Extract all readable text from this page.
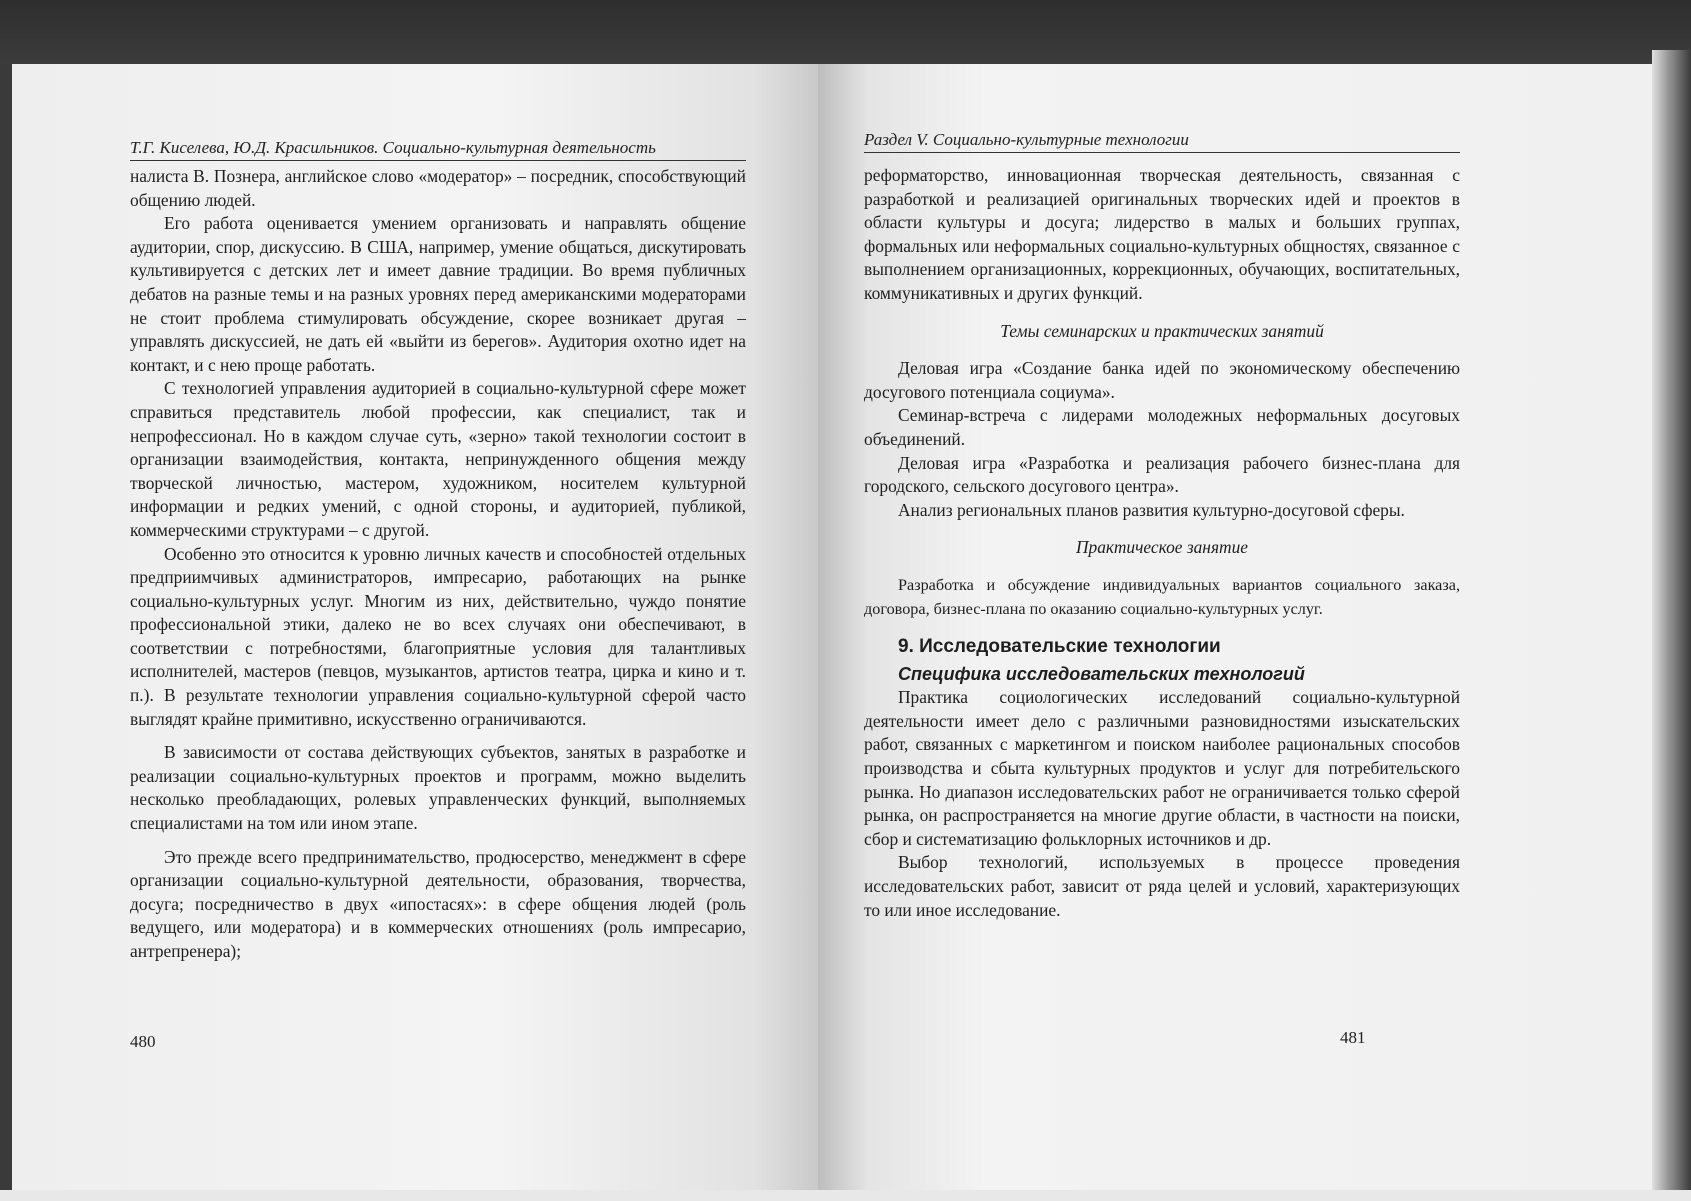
Т.Г. Киселева, Ю.Д. Красильников. Социально-культурная деятельность

налиста В. Познера, английское слово «модератор» – посредник, способствующий общению людей.

Его работа оценивается умением организовать и направлять общение аудитории, спор, дискуссию. В США, например, умение общаться, дискутировать культивируется с детских лет и имеет давние традиции. Во время публичных дебатов на разные темы и на разных уровнях перед американскими модераторами не стоит проблема стимулировать обсуждение, скорее возникает другая – управлять дискуссией, не дать ей «выйти из берегов». Аудитория охотно идет на контакт, и с нею проще работать.

С технологией управления аудиторией в социально-культурной сфере может справиться представитель любой профессии, как специалист, так и непрофессионал. Но в каждом случае суть, «зерно» такой технологии состоит в организации взаимодействия, контакта, непринужденного общения между творческой личностью, мастером, художником, носителем культурной информации и редких умений, с одной стороны, и аудиторией, публикой, коммерческими структурами – с другой.

Особенно это относится к уровню личных качеств и способностей отдельных предприимчивых администраторов, импресарио, работающих на рынке социально-культурных услуг. Многим из них, действительно, чуждо понятие профессиональной этики, далеко не во всех случаях они обеспечивают, в соответствии с потребностями, благоприятные условия для талантливых исполнителей, мастеров (певцов, музыкантов, артистов театра, цирка и кино и т. п.). В результате технологии управления социально-культурной сферой часто выглядят крайне примитивно, искусственно ограничиваются.

В зависимости от состава действующих субъектов, занятых в разработке и реализации социально-культурных проектов и программ, можно выделить несколько преобладающих, ролевых управленческих функций, выполняемых специалистами на том или ином этапе.

Это прежде всего предпринимательство, продюсерство, менеджмент в сфере организации социально-культурной деятельности, образования, творчества, досуга; посредничество в двух «ипостасях»: в сфере общения людей (роль ведущего, или модератора) и в коммерческих отношениях (роль импресарио, антрепренера);

480
Раздел V. Социально-культурные технологии

реформаторство, инновационная творческая деятельность, связанная с разработкой и реализацией оригинальных творческих идей и проектов в области культуры и досуга; лидерство в малых и больших группах, формальных или неформальных социально-культурных общностях, связанное с выполнением организационных, коррекционных, обучающих, воспитательных, коммуникативных и других функций.

Темы семинарских и практических занятий

Деловая игра «Создание банка идей по экономическому обеспечению досугового потенциала социума».

Семинар-встреча с лидерами молодежных неформальных досуговых объединений.

Деловая игра «Разработка и реализация рабочего бизнес-плана для городского, сельского досугового центра».

Анализ региональных планов развития культурно-досуговой сферы.

Практическое занятие

Разработка и обсуждение индивидуальных вариантов социального заказа, договора, бизнес-плана по оказанию социально-культурных услуг.

9. Исследовательские технологии

Специфика исследовательских технологий

Практика социологических исследований социально-культурной деятельности имеет дело с различными разновидностями изыскательских работ, связанных с маркетингом и поиском наиболее рациональных способов производства и сбыта культурных продуктов и услуг для потребительского рынка. Но диапазон исследовательских работ не ограничивается только сферой рынка, он распространяется на многие другие области, в частности на поиски, сбор и систематизацию фольклорных источников и др.

Выбор технологий, используемых в процессе проведения исследовательских работ, зависит от ряда целей и условий, характеризующих то или иное исследование.

481
